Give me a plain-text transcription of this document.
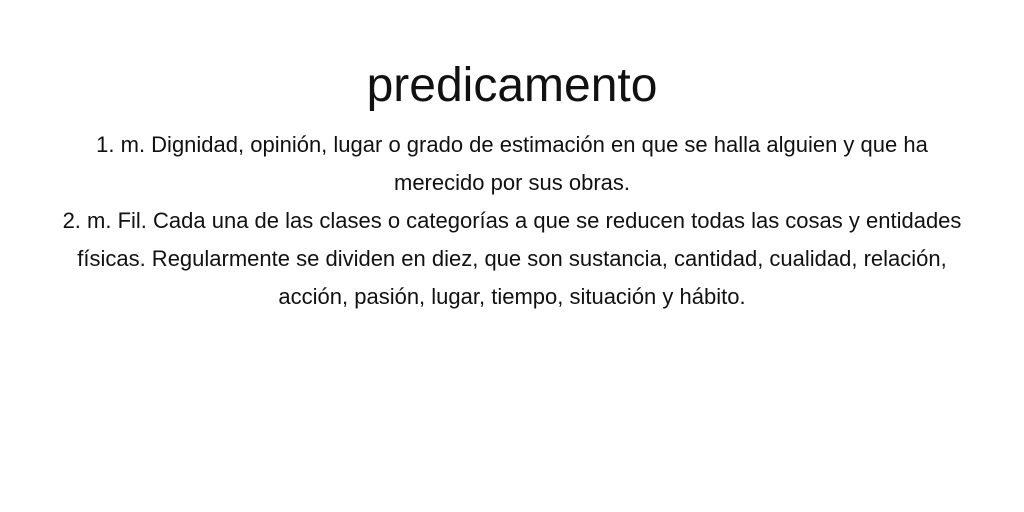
predicamento

1. m. Dignidad, opinión, lugar o grado de estimación en que se halla alguien y que ha merecido por sus obras.

2. m. Fil. Cada una de las clases o categorías a que se reducen todas las cosas y entidades físicas. Regularmente se dividen en diez, que son sustancia, cantidad, cualidad, relación, acción, pasión, lugar, tiempo, situación y hábito.
